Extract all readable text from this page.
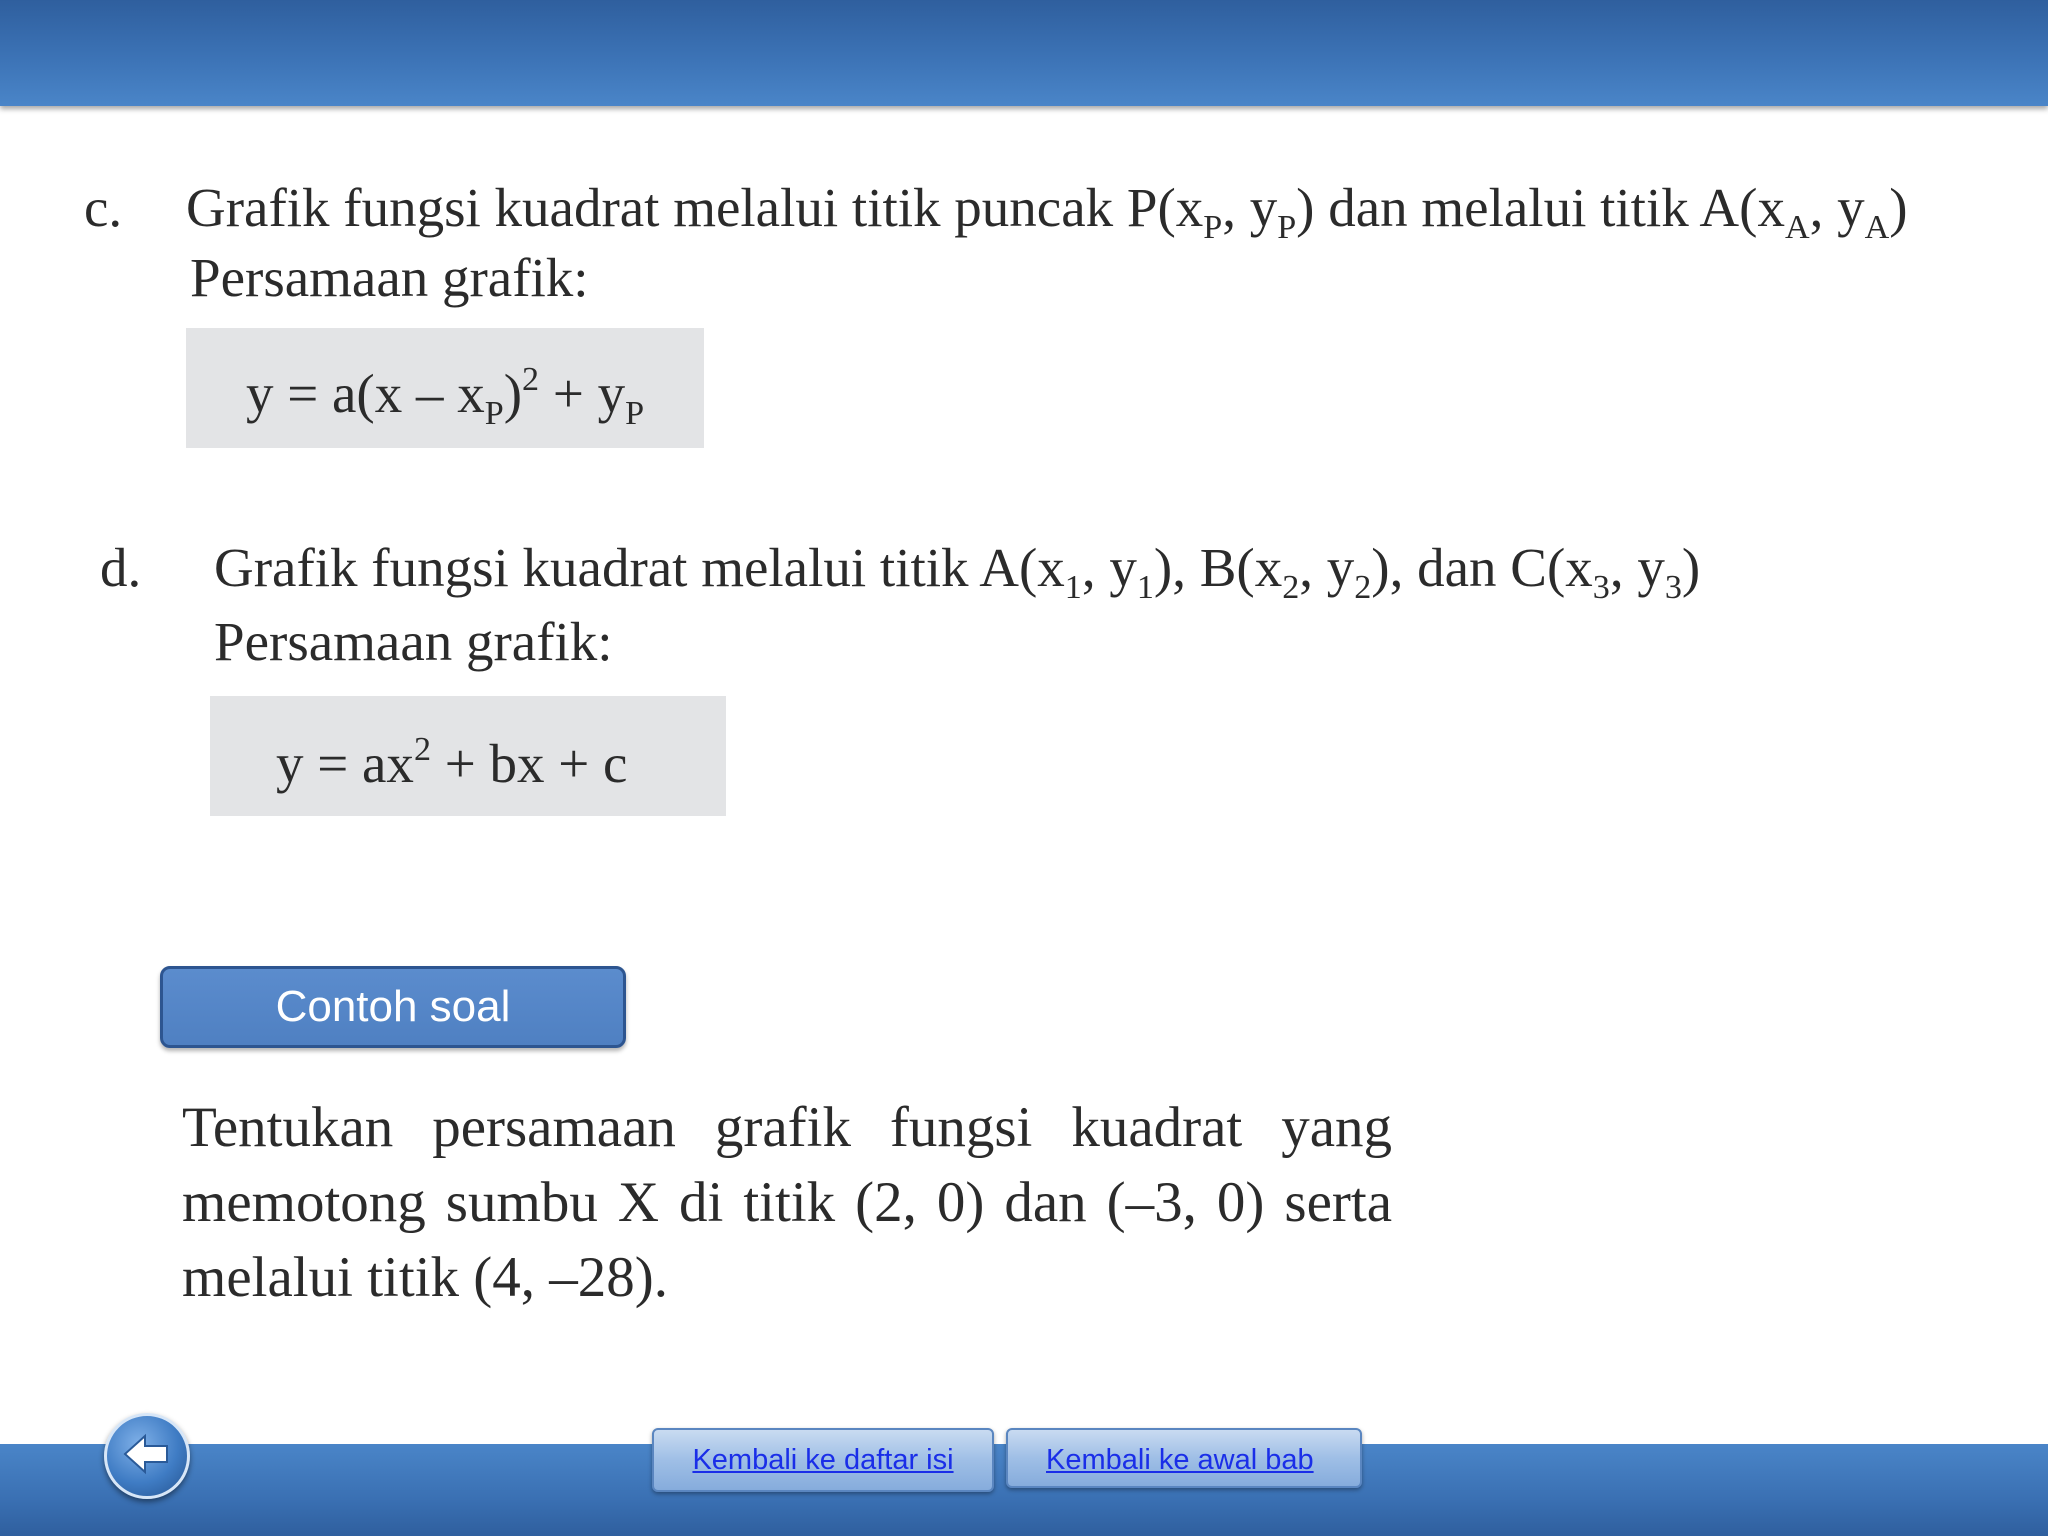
c. Grafik fungsi kuadrat melalui titik puncak $P(x_P$, $y_P$) dan melalui titik $A(x_A$, $y_A$)
Persamaan grafik:
$y = a(x - x_P)^2 + y_P$
d. Grafik fungsi kuadrat melalui titik $A(x_1$, $y_1$), $B(x_2$, $y_2$), dan $C(x_3$, $y_3$)
Persamaan grafik:
$y = ax^2$ + bx + c
Contoh soal
Tentukan persamaan grafik fungsi kuadrat yang
memotong sumbu X di titik (2, 0) dan (–3, 0) serta
melalui titik (4, –28).
Kembali ke daftar isi	Kembali ke awal bab
